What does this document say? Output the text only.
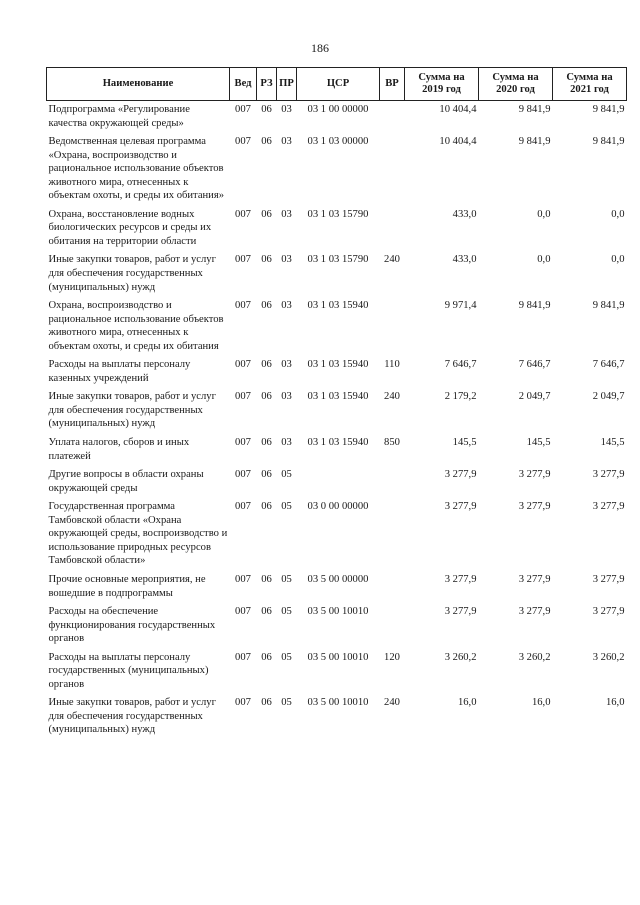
186
Наименование	Вед	РЗ	ПР	ЦСР	ВР	Сумма на 2019 год	Сумма на 2020 год	Сумма на 2021 год
Подпрограмма «Регулирование качества окружающей среды»	007	06	03	03 1 00 00000		10 404,4	9 841,9	9 841,9
Ведомственная целевая программа «Охрана, воспроизводство и рациональное использование объектов животного мира, отнесенных к объектам охоты, и среды их обитания»	007	06	03	03 1 03 00000		10 404,4	9 841,9	9 841,9
Охрана, восстановление водных биологических ресурсов и среды их обитания на территории области	007	06	03	03 1 03 15790		433,0	0,0	0,0
Иные закупки товаров, работ и услуг для обеспечения государственных (муниципальных) нужд	007	06	03	03 1 03 15790	240	433,0	0,0	0,0
Охрана, воспроизводство и рациональное использование объектов животного мира, отнесенных к объектам охоты, и среды их обитания	007	06	03	03 1 03 15940		9 971,4	9 841,9	9 841,9
Расходы на выплаты персоналу казенных учреждений	007	06	03	03 1 03 15940	110	7 646,7	7 646,7	7 646,7
Иные закупки товаров, работ и услуг для обеспечения государственных (муниципальных) нужд	007	06	03	03 1 03 15940	240	2 179,2	2 049,7	2 049,7
Уплата налогов, сборов и иных платежей	007	06	03	03 1 03 15940	850	145,5	145,5	145,5
Другие вопросы в области охраны окружающей среды	007	06	05			3 277,9	3 277,9	3 277,9
Государственная программа Тамбовской области «Охрана окружающей среды, воспроизводство и использование природных ресурсов Тамбовской области»	007	06	05	03 0 00 00000		3 277,9	3 277,9	3 277,9
Прочие основные мероприятия, не вошедшие в подпрограммы	007	06	05	03 5 00 00000		3 277,9	3 277,9	3 277,9
Расходы на обеспечение функционирования государственных органов	007	06	05	03 5 00 10010		3 277,9	3 277,9	3 277,9
Расходы на выплаты персоналу государственных (муниципальных) органов	007	06	05	03 5 00 10010	120	3 260,2	3 260,2	3 260,2
Иные закупки товаров, работ и услуг для обеспечения государственных (муниципальных) нужд	007	06	05	03 5 00 10010	240	16,0	16,0	16,0
